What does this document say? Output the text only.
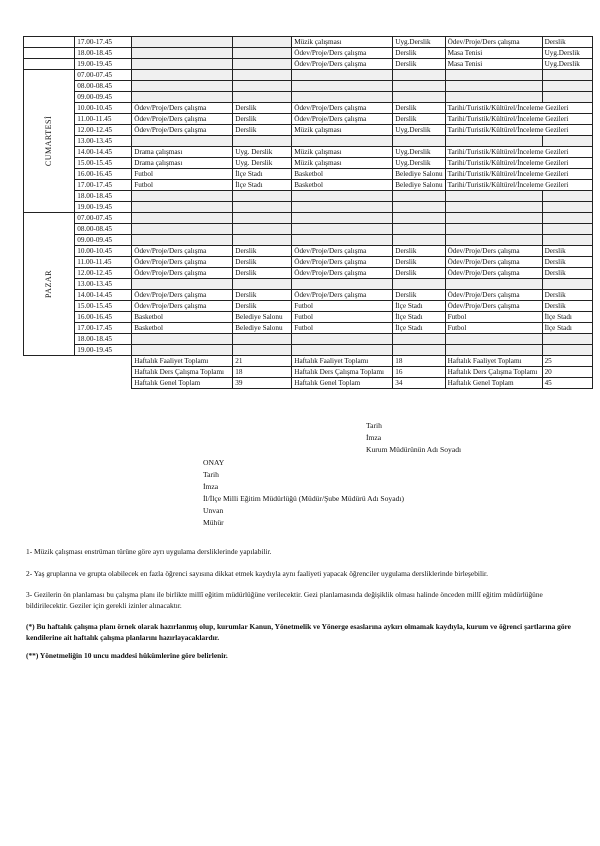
	17.00-17.45			Müzik çalışması	Uyg.Derslik	Ödev/Proje/Ders çalışma	Derslik
	18.00-18.45			Ödev/Proje/Ders çalışma	Derslik	Masa Tenisi	Uyg.Derslik
	19.00-19.45			Ödev/Proje/Ders çalışma	Derslik	Masa Tenisi	Uyg.Derslik
CUMARTESİ	07.00-07.45						
	08.00-08.45						
	09.00-09.45						
	10.00-10.45	Ödev/Proje/Ders çalışma	Derslik	Ödev/Proje/Ders çalışma	Derslik	Tarihi/Turistik/Kültürel/İnceleme Gezileri	
	11.00-11.45	Ödev/Proje/Ders çalışma	Derslik	Ödev/Proje/Ders çalışma	Derslik	Tarihi/Turistik/Kültürel/İnceleme Gezileri	
	12.00-12.45	Ödev/Proje/Ders çalışma	Derslik	Müzik çalışması	Uyg.Derslik	Tarihi/Turistik/Kültürel/İnceleme Gezileri	
	13.00-13.45						
	14.00-14.45	Drama çalışması	Uyg. Derslik	Müzik çalışması	Uyg.Derslik	Tarihi/Turistik/Kültürel/İnceleme Gezileri	
	15.00-15.45	Drama çalışması	Uyg. Derslik	Müzik çalışması	Uyg.Derslik	Tarihi/Turistik/Kültürel/İnceleme Gezileri	
	16.00-16.45	Futbol	İlçe Stadı	Basketbol	Belediye Salonu	Tarihi/Turistik/Kültürel/İnceleme Gezileri	
	17.00-17.45	Futbol	İlçe Stadı	Basketbol	Belediye Salonu	Tarihi/Turistik/Kültürel/İnceleme Gezileri	
	18.00-18.45						
	19.00-19.45						
PAZAR	07.00-07.45						
	08.00-08.45						
	09.00-09.45						
	10.00-10.45	Ödev/Proje/Ders çalışma	Derslik	Ödev/Proje/Ders çalışma	Derslik	Ödev/Proje/Ders çalışma	Derslik
	11.00-11.45	Ödev/Proje/Ders çalışma	Derslik	Ödev/Proje/Ders çalışma	Derslik	Ödev/Proje/Ders çalışma	Derslik
	12.00-12.45	Ödev/Proje/Ders çalışma	Derslik	Ödev/Proje/Ders çalışma	Derslik	Ödev/Proje/Ders çalışma	Derslik
	13.00-13.45						
	14.00-14.45	Ödev/Proje/Ders çalışma	Derslik	Ödev/Proje/Ders çalışma	Derslik	Ödev/Proje/Ders çalışma	Derslik
	15.00-15.45	Ödev/Proje/Ders çalışma	Derslik	Futbol	İlçe Stadı	Ödev/Proje/Ders çalışma	Derslik
	16.00-16.45	Basketbol	Belediye Salonu	Futbol	İlçe Stadı	Futbol	İlçe Stadı
	17.00-17.45	Basketbol	Belediye Salonu	Futbol	İlçe Stadı	Futbol	İlçe Stadı
	18.00-18.45						
	19.00-19.45						
		Haftalık Faaliyet Toplamı	21	Haftalık Faaliyet Toplamı	18	Haftalık Faaliyet Toplamı	25
		Haftalık Ders Çalışma Toplamı	18	Haftalık Ders Çalışma Toplamı	16	Haftalık Ders Çalışma Toplamı	20
		Haftalık Genel Toplam	39	Haftalık Genel Toplam	34	Haftalık Genel Toplam	45
Tarih
İmza
Kurum Müdürünün Adı Soyadı
ONAY
Tarih
İmza
İl/İlçe Milli Eğitim Müdürlüğü (Müdür/Şube Müdürü Adı Soyadı)
Unvan
Mühür
1- Müzik çalışması enstrüman türüne göre ayrı uygulama dersliklerinde yapılabilir.
2- Yaş gruplarına ve grupta olabilecek en fazla öğrenci sayısına dikkat etmek kaydıyla aynı faaliyeti yapacak öğrenciler uygulama dersliklerinde birleşebilir.
3- Gezilerin ön planlaması bu çalışma planı ile birlikte millî eğitim müdürlüğüne verilecektir. Gezi planlamasında değişiklik olması halinde önceden millî eğitim müdürlüğüne bildirilecektir. Geziler için gerekli izinler alınacaktır.
(*) Bu haftalık çalışma planı örnek olarak hazırlanmış olup, kurumlar Kanun, Yönetmelik ve Yönerge esaslarına aykırı olmamak kaydıyla, kurum ve öğrenci şartlarına göre kendilerine ait haftalık çalışma planlarını hazırlayacaklardır.
(**) Yönetmeliğin 10 uncu maddesi hükümlerine göre belirlenir.
